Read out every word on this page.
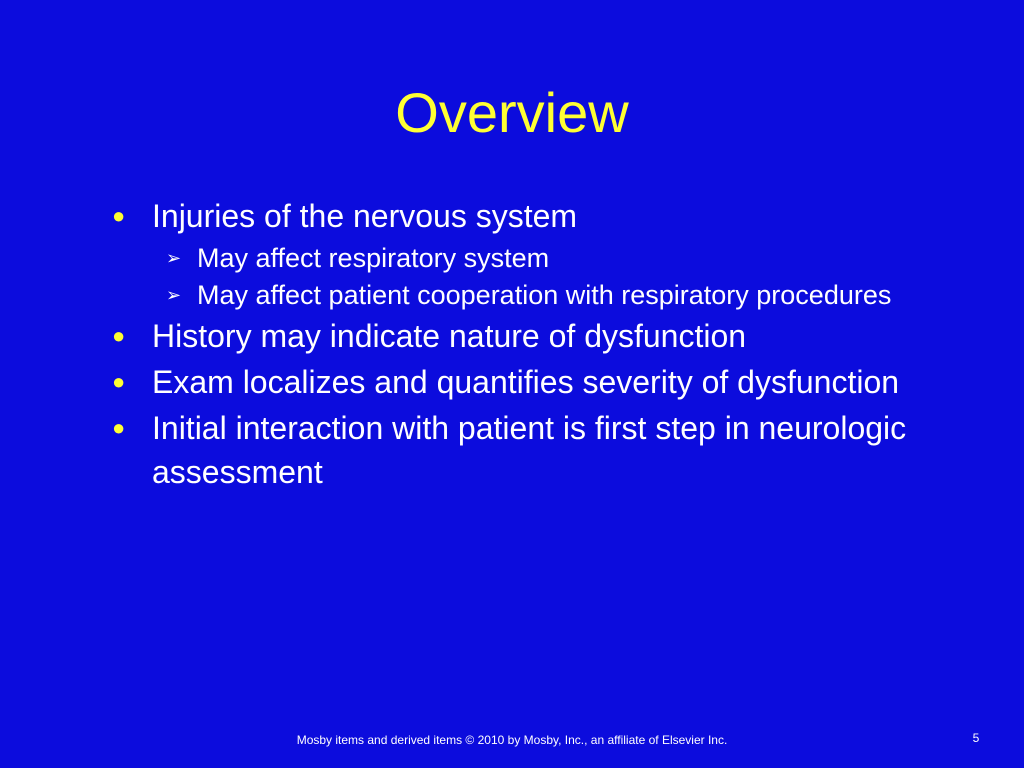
Overview
● Injuries of the nervous system
➢ May affect respiratory system
➢ May affect patient cooperation with respiratory procedures
● History may indicate nature of dysfunction
● Exam localizes and quantifies severity of dysfunction
● Initial interaction with patient is first step in neurologic assessment
Mosby items and derived items © 2010 by Mosby, Inc., an affiliate of Elsevier Inc.	5
